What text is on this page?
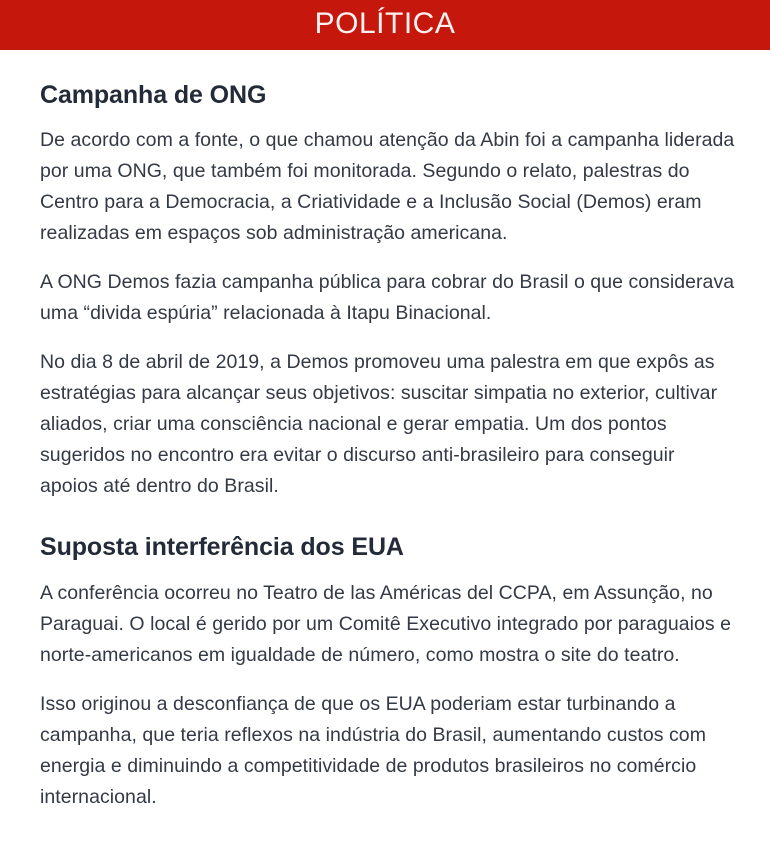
POLÍTICA
Campanha de ONG

De acordo com a fonte, o que chamou atenção da Abin foi a campanha liderada por uma ONG, que também foi monitorada. Segundo o relato, palestras do Centro para a Democracia, a Criatividade e a Inclusão Social (Demos) eram realizadas em espaços sob administração americana.

A ONG Demos fazia campanha pública para cobrar do Brasil o que considerava uma “divida espúria” relacionada à Itapu Binacional.

No dia 8 de abril de 2019, a Demos promoveu uma palestra em que expôs as estratégias para alcançar seus objetivos: suscitar simpatia no exterior, cultivar aliados, criar uma consciência nacional e gerar empatia. Um dos pontos sugeridos no encontro era evitar o discurso anti-brasileiro para conseguir apoios até dentro do Brasil.

Suposta interferência dos EUA

A conferência ocorreu no Teatro de las Américas del CCPA, em Assunção, no Paraguai. O local é gerido por um Comitê Executivo integrado por paraguaios e norte-americanos em igualdade de número, como mostra o site do teatro.

Isso originou a desconfiança de que os EUA poderiam estar turbinando a campanha, que teria reflexos na indústria do Brasil, aumentando custos com energia e diminuindo a competitividade de produtos brasileiros no comércio internacional.
